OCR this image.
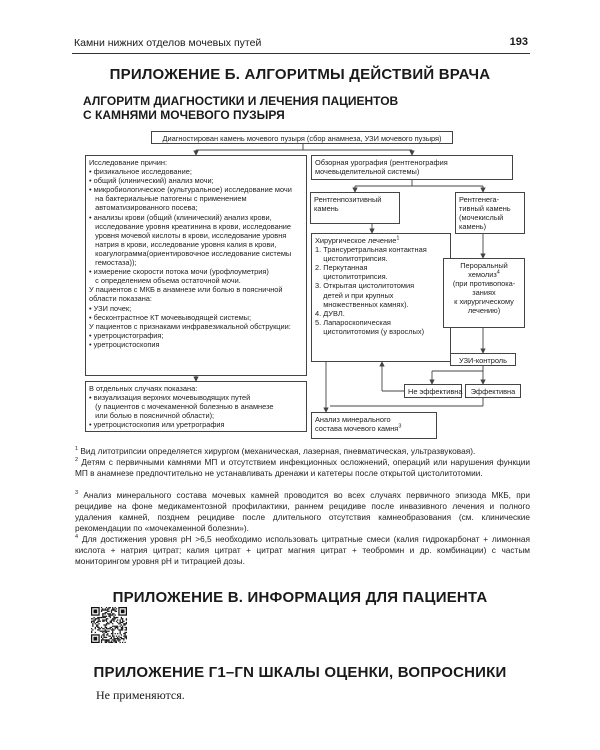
Камни нижних отделов мочевых путей	193
ПРИЛОЖЕНИЕ Б. АЛГОРИТМЫ ДЕЙСТВИЙ ВРАЧА
АЛГОРИТМ ДИАГНОСТИКИ И ЛЕЧЕНИЯ ПАЦИЕНТОВ
С КАМНЯМИ МОЧЕВОГО ПУЗЫРЯ
Диагностирован камень мочевого пузыря (сбор анамнеза, УЗИ мочевого пузыря)
Исследование причин:
• физикальное исследование;
• общий (клинический) анализ мочи;
• микробиологическое (культуральное) исследование мочи
на бактериальные патогены с применением
автоматизированного посева;
• анализы крови (общий (клинический) анализ крови,
исследование уровня креатинина в крови, исследование
уровня мочевой кислоты в крови, исследование уровня
натрия в крови, исследование уровня калия в крови,
коагулограмма(ориентировочное исследование системы
гемостаза));
• измерение скорости потока мочи (урофлоуметрия)
с определением объема остаточной мочи.
У пациентов с МКБ в анамнезе или болью в поясничной
области показана:
• УЗИ почек;
• бесконтрастное КТ мочевыводящей системы;
У пациентов с признаками инфравезикальной обструкции:
• уретроцистография;
• уретроцистоскопия
В отдельных случаях показана:
• визуализация верхних мочевыводящих путей
(у пациентов с мочекаменной болезнью в анамнезе
или болью в поясничной области);
• уретроцистоскопия или уретрография
Обзорная урография (рентгенография
мочевыделительной системы)
Рентгенпозитивный
камень
Рентгенега-
тивный камень
(мочекислый
камень)
Хирургическое лечение$^1$
1. Трансуретральная контактная
цистолитотрипсия.
2. Перкутанная
цистолитотрипсия.
3. Открытая цистолитотомия
детей и при крупных
множественных камнях).
4. ДУВЛ.
5. Лапароскопическая
цистолитотомия (у взрослых)
Пероральный
хемолиз$^4$
(при противопока-
заниях
к хирургическому
лечению)
УЗИ-контроль
Не эффективна	Эффективна
Анализ минерального
состава мочевого камня$^3$
$^1$ Вид литотрипсии определяется хирургом (механическая, лазерная, пневматическая, ультразвуковая).
$^2$ Детям с первичными камнями МП и отсутствием инфекционных осложнений, операций или нарушения функции МП в анамнезе предпочтительно не устанавливать дренажи и катетеры после открытой цистолитотомии.
$^3$ Анализ минерального состава мочевых камней проводится во всех случаях первичного эпизода МКБ, при рецидиве на фоне медикаментозной профилактики, раннем рецидиве после инвазивного лечения и полного удаления камней, позднем рецидиве после длительного отсутствия камнеобразования (см. клинические рекомендации по «мочекаменной болезни»).
$^4$ Для достижения уровня рН >6,5 необходимо использовать цитратные смеси (калия гидрокарбонат + лимонная кислота + натрия цитрат; калия цитрат + цитрат магния цитрат + теобромин и др. комбинации) с частым мониторингом уровня рН и титрацией дозы.
ПРИЛОЖЕНИЕ В. ИНФОРМАЦИЯ ДЛЯ ПАЦИЕНТА
ПРИЛОЖЕНИЕ Г1–ГN ШКАЛЫ ОЦЕНКИ, ВОПРОСНИКИ
Не применяются.
